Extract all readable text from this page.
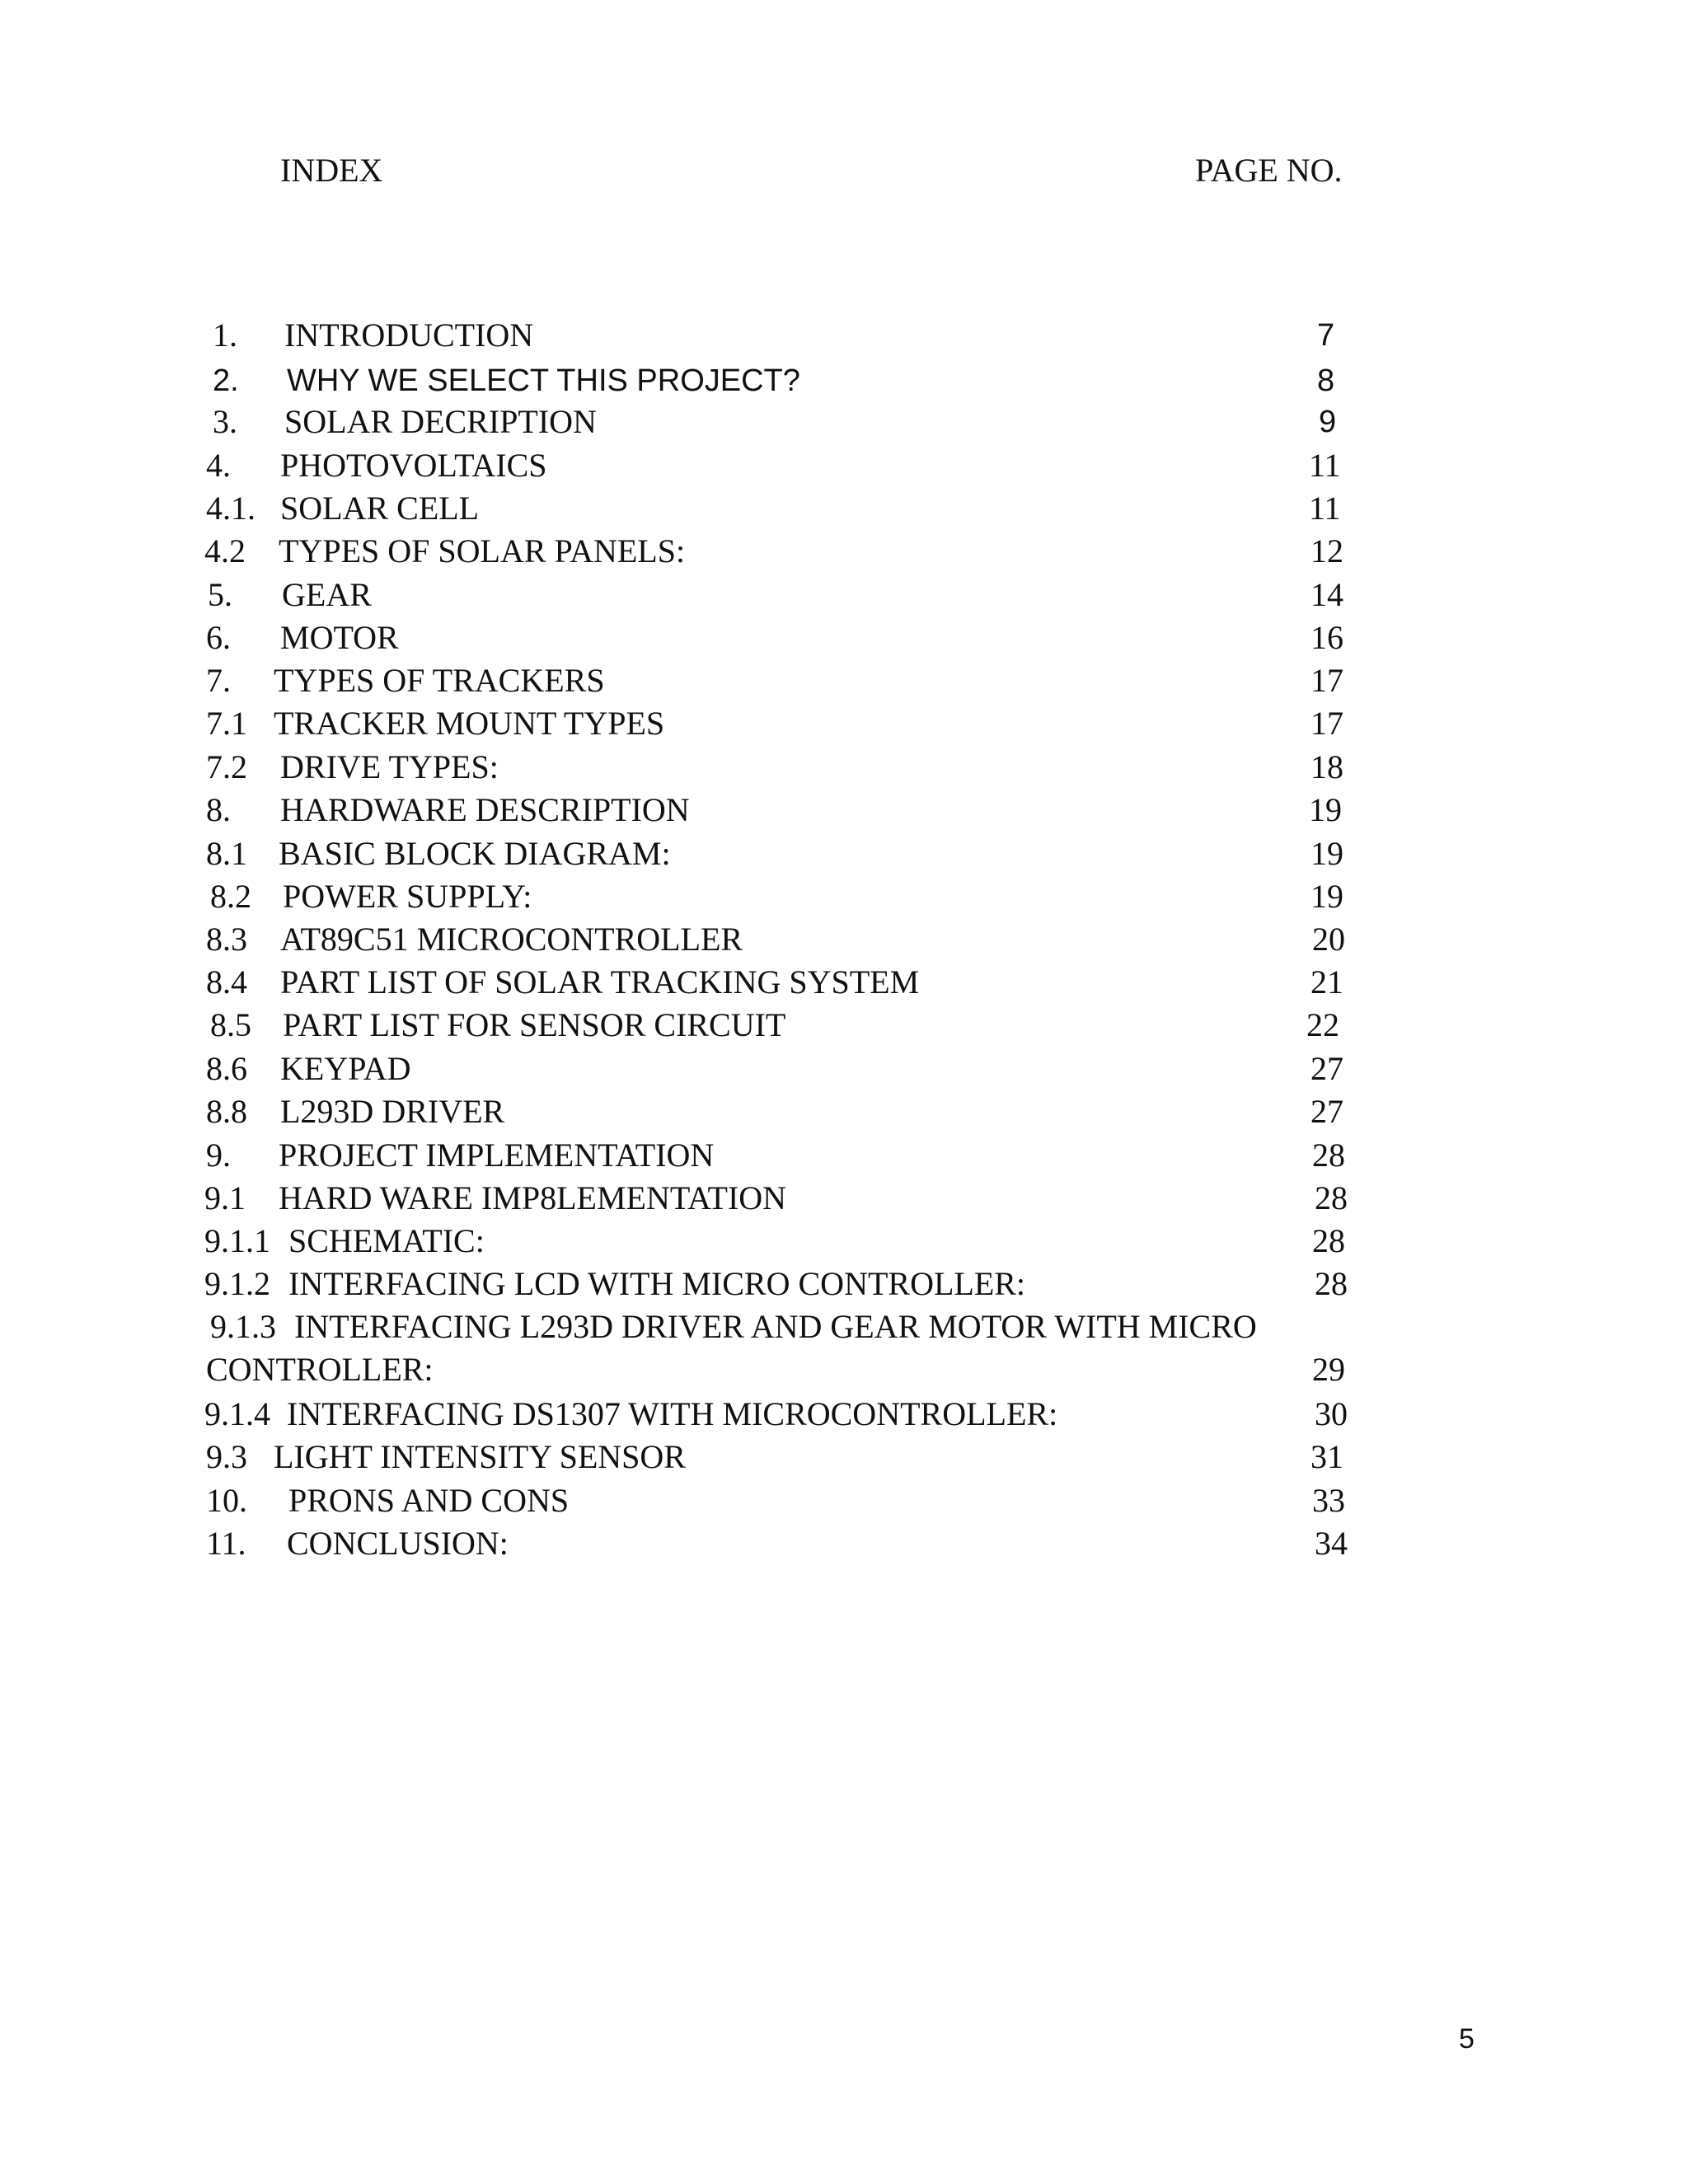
INDEX	PAGE NO.
1. INTRODUCTION	7
2. WHY WE SELECT THIS PROJECT?	8
3. SOLAR DECRIPTION	9
4. PHOTOVOLTAICS	11
4.1. SOLAR CELL	11
4.2 TYPES OF SOLAR PANELS:	12
5. GEAR	14
6. MOTOR	16
7. TYPES OF TRACKERS	17
7.1 TRACKER MOUNT TYPES	17
7.2 DRIVE TYPES:	18
8. HARDWARE DESCRIPTION	19
8.1 BASIC BLOCK DIAGRAM:	19
8.2 POWER SUPPLY:	19
8.3 AT89C51 MICROCONTROLLER	20
8.4 PART LIST OF SOLAR TRACKING SYSTEM	21
8.5 PART LIST FOR SENSOR CIRCUIT	22
8.6 KEYPAD	27
8.8 L293D DRIVER	27
9. PROJECT IMPLEMENTATION	28
9.1 HARD WARE IMP8LEMENTATION	28
9.1.1 SCHEMATIC:	28
9.1.2 INTERFACING LCD WITH MICRO CONTROLLER:	28
9.1.3 INTERFACING L293D DRIVER AND GEAR MOTOR WITH MICRO
CONTROLLER:	29
9.1.4 INTERFACING DS1307 WITH MICROCONTROLLER:	30
9.3 LIGHT INTENSITY SENSOR	31
10. PRONS AND CONS	33
11. CONCLUSION:	34
5
